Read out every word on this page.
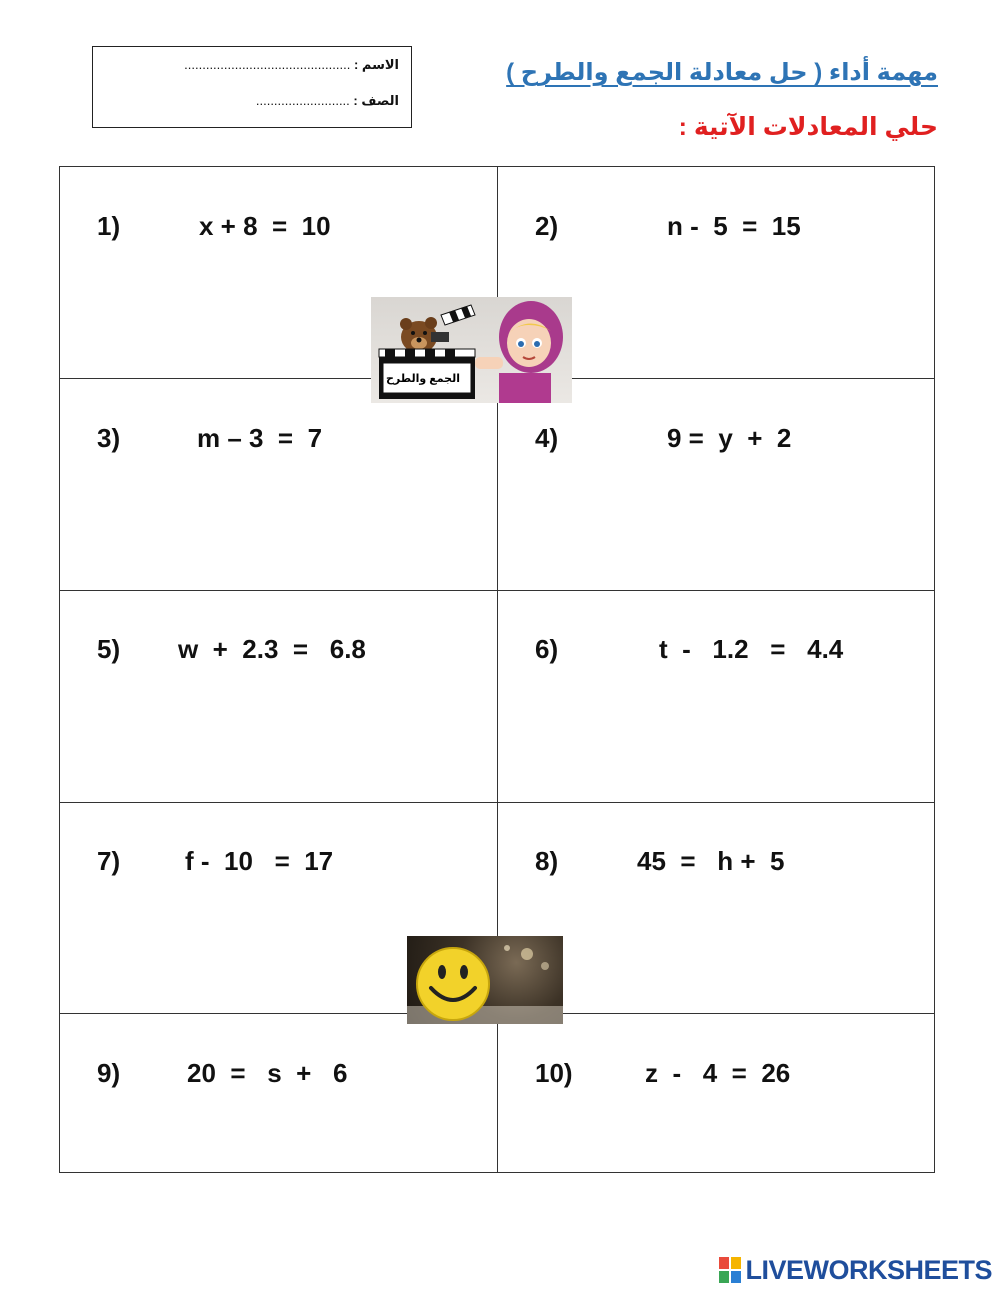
الاسم : ..............................................
الصف : ..........................
مهمة أداء ( حل معادلة الجمع والطرح )
حلي المعادلات الآتية :
1)	x + 8  =  10	2)	n -  5  =  15
3)	m – 3  =  7	4)	9 =  y  +  2
5) w  +  2.3  =   6.8	6)	t  -   1.2   =   4.4
7) f -  10   =  17	8)	45  =   h +  5
9)	20  =   s  +   6	10)	z  -   4  =  26
الجمع والطرح
LIVEWORKSHEETS
